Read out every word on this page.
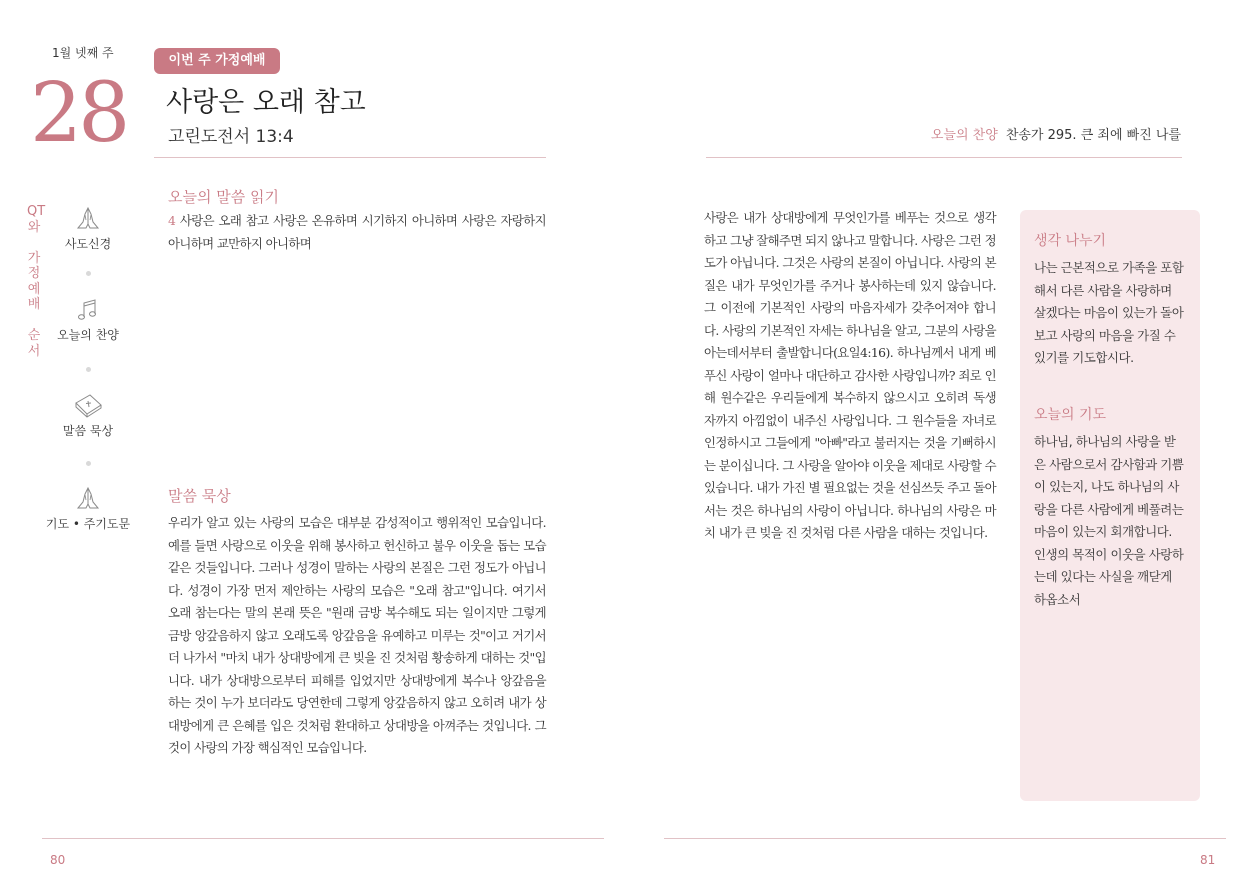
1월 넷째 주
28
이번 주 가정예배
사랑은 오래 참고
고린도전서 13:4
QT
와

가
정
예
배

순
서
사도신경
오늘의 찬양
말씀 묵상
기도 • 주기도문
오늘의 말씀 읽기
4 사랑은 오래 참고 사랑은 온유하며 시기하지 아니하며 사랑은 자랑하지 아니하며 교만하지 아니하며
말씀 묵상
우리가 알고 있는 사랑의 모습은 대부분 감성적이고 행위적인 모습입니다. 예를 들면 사랑으로 이웃을 위해 봉사하고 헌신하고 불우 이웃을 돕는 모습 같은 것들입니다. 그러나 성경이 말하는 사랑의 본질은 그런 정도가 아닙니다. 성경이 가장 먼저 제안하는 사랑의 모습은 "오래 참고"입니다. 여기서 오래 참는다는 말의 본래 뜻은 "원래 금방 복수해도 되는 일이지만 그렇게 금방 앙갚음하지 않고 오래도록 앙갚음을 유예하고 미루는 것"이고 거기서 더 나가서 "마치 내가 상대방에게 큰 빚을 진 것처럼 황송하게 대하는 것"입니다. 내가 상대방으로부터 피해를 입었지만 상대방에게 복수나 앙갚음을 하는 것이 누가 보더라도 당연한데 그렇게 앙갚음하지 않고 오히려 내가 상대방에게 큰 은혜를 입은 것처럼 환대하고 상대방을 아껴주는 것입니다. 그것이 사랑의 가장 핵심적인 모습입니다.
80
오늘의 찬양 찬송가 295. 큰 죄에 빠진 나를
사랑은 내가 상대방에게 무엇인가를 베푸는 것으로 생각하고 그냥 잘해주면 되지 않나고 말합니다. 사랑은 그런 정도가 아닙니다. 그것은 사랑의 본질이 아닙니다. 사랑의 본질은 내가 무엇인가를 주거나 봉사하는데 있지 않습니다. 그 이전에 기본적인 사랑의 마음자세가 갖추어져야 합니다. 사랑의 기본적인 자세는 하나님을 알고, 그분의 사랑을 아는데서부터 출발합니다(요일4:16). 하나님께서 내게 베푸신 사랑이 얼마나 대단하고 감사한 사랑입니까? 죄로 인해 원수같은 우리들에게 복수하지 않으시고 오히려 독생자까지 아낌없이 내주신 사랑입니다. 그 원수들을 자녀로 인정하시고 그들에게 "아빠"라고 불러지는 것을 기뻐하시는 분이십니다. 그 사랑을 알아야 이웃을 제대로 사랑할 수 있습니다. 내가 가진 별 필요없는 것을 선심쓰듯 주고 돌아서는 것은 하나님의 사랑이 아닙니다. 하나님의 사랑은 마치 내가 큰 빚을 진 것처럼 다른 사람을 대하는 것입니다.
생각 나누기
나는 근본적으로 가족을 포함해서 다른 사람을 사랑하며 살겠다는 마음이 있는가 돌아보고 사랑의 마음을 가질 수 있기를 기도합시다.
오늘의 기도
하나님, 하나님의 사랑을 받은 사람으로서 감사함과 기쁨이 있는지, 나도 하나님의 사랑을 다른 사람에게 베풀려는 마음이 있는지 회개합니다. 인생의 목적이 이웃을 사랑하는데 있다는 사실을 깨닫게 하옵소서
81
